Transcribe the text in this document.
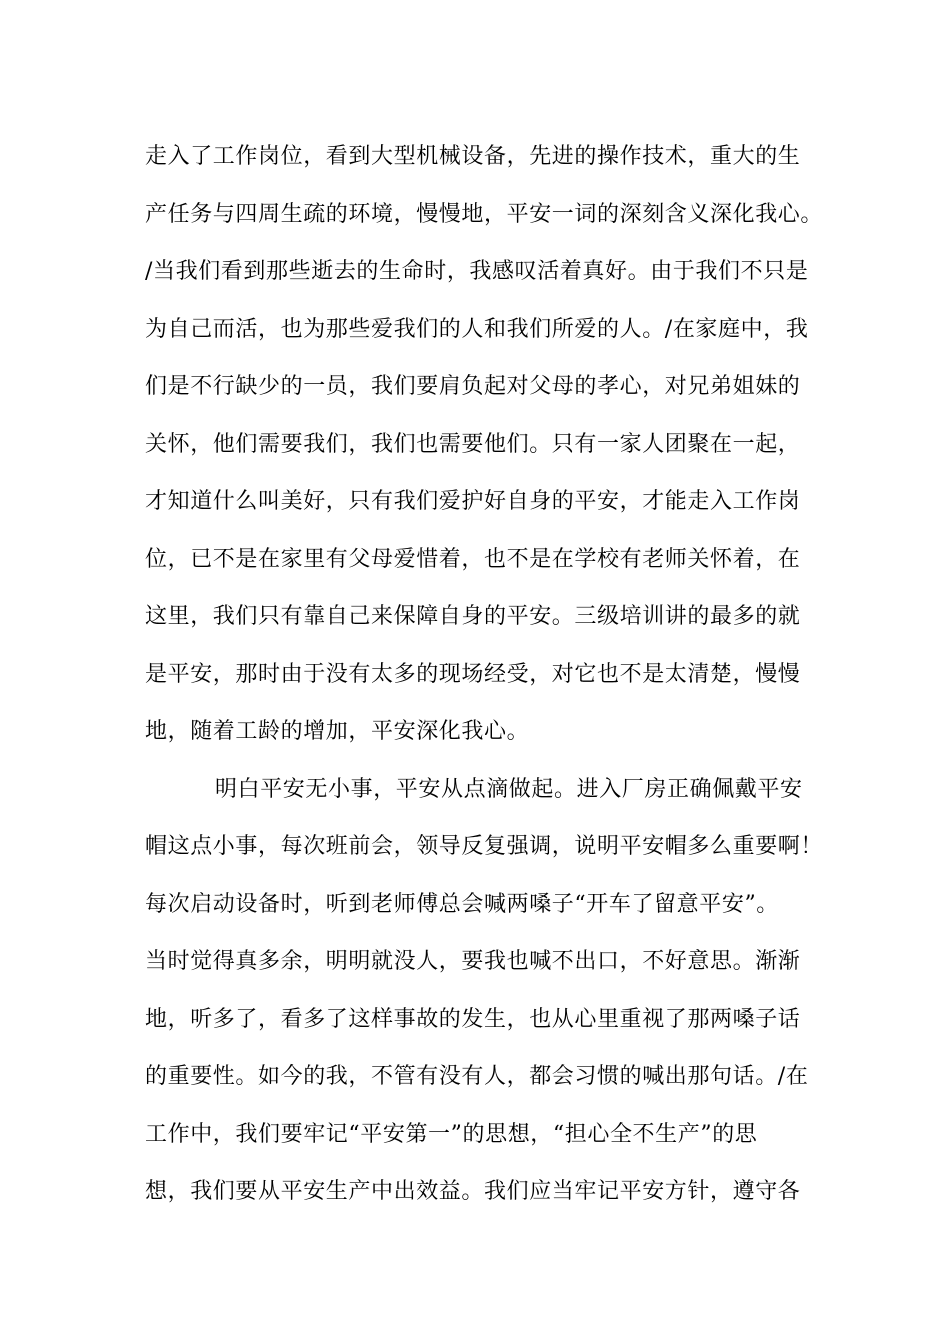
走入了工作岗位，看到大型机械设备，先进的操作技术，重大的生
产任务与四周生疏的环境，慢慢地，平安一词的深刻含义深化我心。
/当我们看到那些逝去的生命时，我感叹活着真好。由于我们不只是
为自己而活，也为那些爱我们的人和我们所爱的人。/在家庭中，我
们是不行缺少的一员，我们要肩负起对父母的孝心，对兄弟姐妹的
关怀，他们需要我们，我们也需要他们。只有一家人团聚在一起，
才知道什么叫美好，只有我们爱护好自身的平安，才能走入工作岗
位，已不是在家里有父母爱惜着，也不是在学校有老师关怀着，在
这里，我们只有靠自己来保障自身的平安。三级培训讲的最多的就
是平安，那时由于没有太多的现场经受，对它也不是太清楚，慢慢
地，随着工龄的增加，平安深化我心。
明白平安无小事，平安从点滴做起。进入厂房正确佩戴平安
帽这点小事，每次班前会，领导反复强调，说明平安帽多么重要啊！
每次启动设备时，听到老师傅总会喊两嗓子“开车了留意平安”。
当时觉得真多余，明明就没人，要我也喊不出口，不好意思。渐渐
地，听多了，看多了这样事故的发生，也从心里重视了那两嗓子话
的重要性。如今的我，不管有没有人，都会习惯的喊出那句话。/在
工作中，我们要牢记“平安第一”的思想，“担心全不生产”的思
想，我们要从平安生产中出效益。我们应当牢记平安方针，遵守各
